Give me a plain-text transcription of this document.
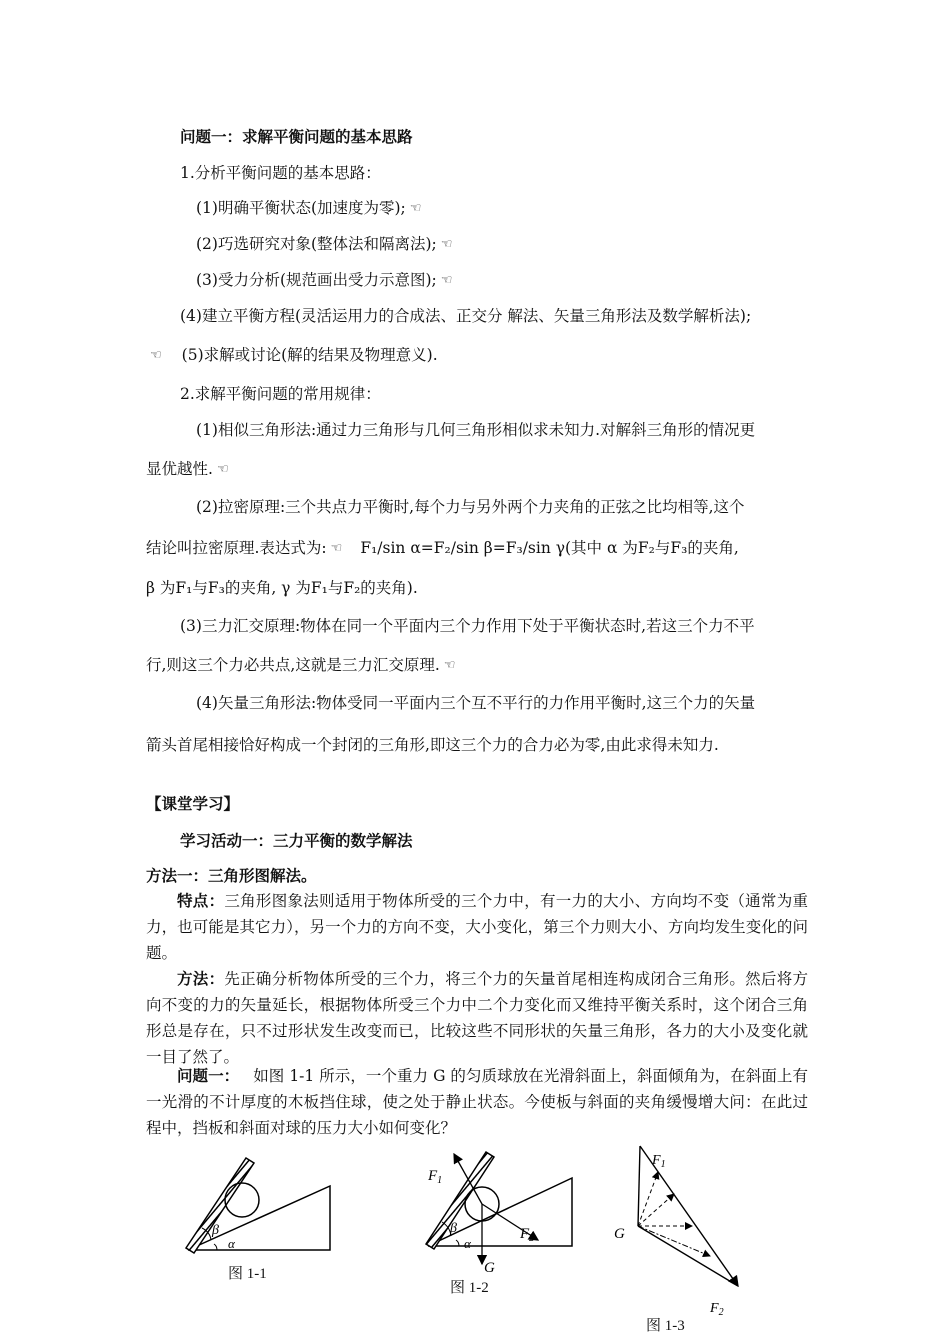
问题一：求解平衡问题的基本思路
1.分析平衡问题的基本思路：
(1)明确平衡状态(加速度为零); ☜
(2)巧选研究对象(整体法和隔离法); ☜
(3)受力分析(规范画出受力示意图); ☜
(4)建立平衡方程(灵活运用力的合成法、正交分 解法、矢量三角形法及数学解析法);
☜ (5)求解或讨论(解的结果及物理意义).
2.求解平衡问题的常用规律：
(1)相似三角形法:通过力三角形与几何三角形相似求未知力.对解斜三角形的情况更
显优越性. ☜
(2)拉密原理:三个共点力平衡时,每个力与另外两个力夹角的正弦之比均相等,这个
结论叫拉密原理.表达式为: ☜ F₁/sin α=F₂/sin β=F₃/sin γ(其中 α 为F₂与F₃的夹角,
β 为F₁与F₃的夹角, γ 为F₁与F₂的夹角).
(3)三力汇交原理:物体在同一个平面内三个力作用下处于平衡状态时,若这三个力不平
行,则这三个力必共点,这就是三力汇交原理. ☜
(4)矢量三角形法:物体受同一平面内三个互不平行的力作用平衡时,这三个力的矢量
箭头首尾相接恰好构成一个封闭的三角形,即这三个力的合力必为零,由此求得未知力.
【课堂学习】
学习活动一：三力平衡的数学解法
方法一：三角形图解法。
特点：三角形图象法则适用于物体所受的三个力中，有一力的大小、方向均不变（通常为重力，也可能是其它力），另一个力的方向不变，大小变化，第三个力则大小、方向均发生变化的问题。
方法：先正确分析物体所受的三个力，将三个力的矢量首尾相连构成闭合三角形。然后将方向不变的力的矢量延长，根据物体所受三个力中二个力变化而又维持平衡关系时，这个闭合三角形总是存在，只不过形状发生改变而已，比较这些不同形状的矢量三角形，各力的大小及变化就一目了然了。
问题一： 如图 1-1 所示，一个重力 G 的匀质球放在光滑斜面上，斜面倾角为，在斜面上有一光滑的不计厚度的木板挡住球，使之处于静止状态。今使板与斜面的夹角缓慢增大问：在此过程中，挡板和斜面对球的压力大小如何变化？
β
α
图 1-1
β
α
$F_1$
$F_2$
G
图 1-2
$F_1$
G
$F_2$
图 1-3
